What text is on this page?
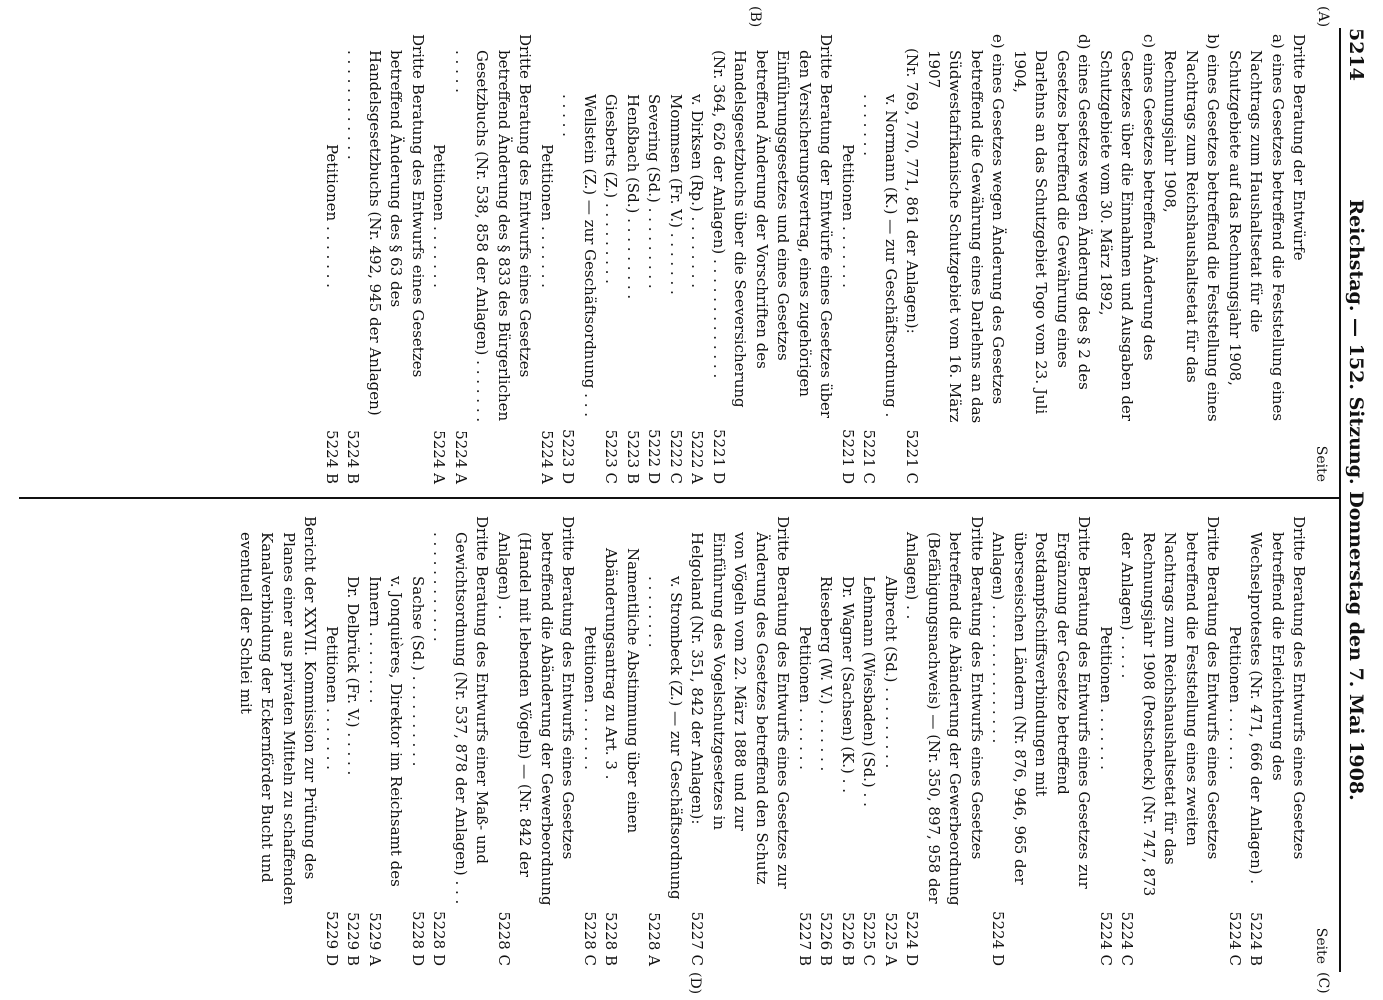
5214
Reichstag. — 152. Sitzung. Donnerstag den 7. Mai 1908.
(A)
(B)
(C)
(D)
Seite
Dritte Beratung der Entwürfe
a) eines Gesetzes betreffend die Feststellung eines Nachtrags zum Haushaltsetat für die Schutzgebiete auf das Rechnungsjahr 1908,
b) eines Gesetzes betreffend die Feststellung eines Nachtrags zum Reichshaushaltsetat für das Rechnungsjahr 1908,
c) eines Gesetzes betreffend Änderung des Gesetzes über die Einnahmen und Ausgaben der Schutzgebiete vom 30. März 1892,
d) eines Gesetzes wegen Änderung des § 2 des Gesetzes betreffend die Gewährung eines Darlehns an das Schutzgebiet Togo vom 23. Juli 1904,
e) eines Gesetzes wegen Änderung des Gesetzes betreffend die Gewährung eines Darlehns an das Südwestafrikanische Schutzgebiet vom 16. März 1907
(Nr. 769, 770, 771, 861 der Anlagen):
5221 C
v. Normann (K.) — zur Geschäftsordnung . . . . . . . .
5221 C
Petitionen . . . . . . .
5221 D
Dritte Beratung der Entwürfe eines Gesetzes über den Versicherungsvertrag, eines zugehörigen Einführungsgesetzes und eines Gesetzes betreffend Änderung der Vorschriften des Handelsgesetzbuchs über die Seeversicherung (Nr. 364, 626 der Anlagen) . . . . . . . . . . . . .
5221 D
v. Dirksen (Rp.) . . . . . . . .
5222 A
Mommsen (Fr. V.) . . . . . . .
5222 C
Severing (Sd.) . . . . . . . . .
5222 D
Henßbach (Sd.) . . . . . . . . .
5223 B
Giesberts (Z.) . . . . . . . . .
5223 C
Wellstein (Z.) — zur Geschäftsordnung . . . . . . . .
5223 D
Petitionen . . . . . . .
5224 A
Dritte Beratung des Entwurfs eines Gesetzes betreffend Änderung des § 833 des Bürgerlichen Gesetzbuchs (Nr. 538, 858 der Anlagen) . . . . . . . . . . . .
5224 A
Petitionen . . . . . . .
5224 A
Dritte Beratung des Entwurfs eines Gesetzes betreffend Änderung des § 63 des Handelsgesetzbuchs (Nr. 492, 945 der Anlagen) . . . . . . . . . . . .
5224 B
Petitionen . . . . . . .
5224 B
Seite
Dritte Beratung des Entwurfs eines Gesetzes betreffend die Erleichterung des Wechselprotestes (Nr. 471, 666 der Anlagen) .
5224 B
Petitionen . . . . . . .
5224 C
Dritte Beratung des Entwurfs eines Gesetzes betreffend die Feststellung eines zweiten Nachtrags zum Reichshaushaltsetat für das Rechnungsjahr 1908 (Postscheck) (Nr. 747, 873 der Anlagen) . . . . .
5224 C
Petitionen . . . . . . .
5224 C
Dritte Beratung des Entwurfs eines Gesetzes zur Ergänzung der Gesetze betreffend Postdampfschiffsverbindungen mit überseeischen Ländern (Nr. 876, 946, 965 der Anlagen) . . . . . . . . . . . . . . .
5224 D
Dritte Beratung des Entwurfs eines Gesetzes betreffend die Abänderung der Gewerbeordnung (Befähigungsnachweis) — (Nr. 350, 897, 958 der Anlagen) . .
5224 D
Albrecht (Sd.) . . . . . . . . .
5225 A
Lehmann (Wiesbaden) (Sd.) . .
5225 C
Dr. Wagner (Sachsen) (K.) . .
5226 B
Rieseberg (W. V.) . . . . . . .
5226 B
Petitionen . . . . . . .
5227 B
Dritte Beratung des Entwurfs eines Gesetzes zur Änderung des Gesetzes betreffend den Schutz von Vögeln vom 22. März 1888 und zur Einführung des Vogelschutzgesetzes in Helgoland (Nr. 351, 842 der Anlagen):
5227 C
v. Strombeck (Z.) — zur Geschäftsordnung . . . . . . . .
5228 A
Namentliche Abstimmung über einen Abänderungsantrag zu Art. 3 .
5228 B
Petitionen . . . . . . .
5228 C
Dritte Beratung des Entwurfs eines Gesetzes betreffend die Abänderung der Gewerbeordnung (Handel mit lebenden Vögeln) — (Nr. 842 der Anlagen) . .
5228 C
Dritte Beratung des Entwurfs einer Maß- und Gewichtsordnung (Nr. 537, 878 der Anlagen) . . . . . . . . . . . . . . .
5228 D
Sachse (Sd.) . . . . . . . . . .
5228 D
v. Jonquières, Direktor im Reichsamt des Innern . . . . . . . .
5229 A
Dr. Delbrück (Fr. V.) . . . . .
5229 B
Petitionen . . . . . . .
5229 D
Bericht der XXVII. Kommission zur Prüfung des Planes einer aus privaten Mitteln zu schaffenden Kanalverbindung der Eckernförder Bucht und eventuell der Schlei mit
